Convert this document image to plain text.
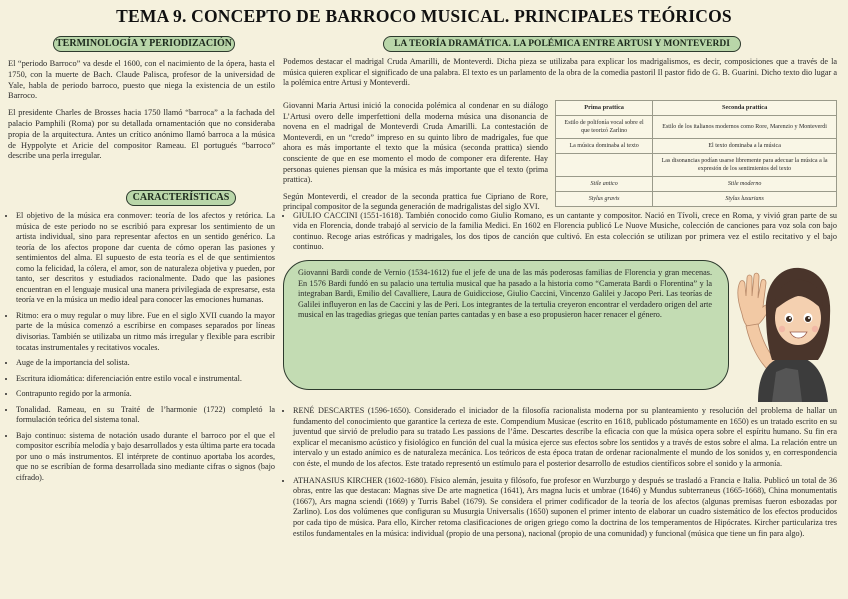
TEMA 9. CONCEPTO DE BARROCO MUSICAL. PRINCIPALES TEÓRICOS
TERMINOLOGÍA Y PERIODIZACIÓN

El “periodo Barroco” va desde el 1600, con el nacimiento de la ópera, hasta el 1750, con la muerte de Bach. Claude Palisca, profesor de la universidad de Yale, habla de periodo barroco, puesto que niega la existencia de un estilo Barroco.

El presidente Charles de Brosses hacia 1750 llamó “barroca” a la fachada del palacio Pamphili (Roma) por su detallada ornamentación que no consideraba propia de la arquitectura. Antes un crítico anónimo llamó barroca a la música de Hyppolyte et Aricie del compositor Rameau. El portugués “barroco” describe una perla irregular.

CARACTERÍSTICAS
• El objetivo de la música era conmover: teoría de los afectos y retórica. La música de este periodo no se escribió para expresar los sentimiento de un artista individual, sino para representar afectos en un sentido genérico. La teoría de los afectos propone dar cuenta de cómo operan las pasiones y sentimientos del alma. El supuesto de esta teoría es el de que sentimientos como la felicidad, la cólera, el amor, son de naturaleza objetiva y pueden, por tanto, ser descritos y estudiados racionalmente. Dado que las pasiones encuentran en el lenguaje musical una manera privilegiada de expresarse, esta teoría ve en la música un medio ideal para conocer las emociones humanas.
• Ritmo: era o muy regular o muy libre. Fue en el siglo XVII cuando la mayor parte de la música comenzó a escribirse en compases separados por líneas divisorias. También se utilizaba un ritmo más irregular y flexible para escribir tocatas instrumentales y recitativos vocales.
• Auge de la importancia del solista.
• Escritura idiomática: diferenciación entre estilo vocal e instrumental.
• Contrapunto regido por la armonía.
• Tonalidad. Rameau, en su Traité de l’harmonie (1722) completó la formulación teórica del sistema tonal.
• Bajo continuo: sistema de notación usado durante el barroco por el que el compositor escribía melodía y bajo desarrollados y esta última parte era tocada por uno o más instrumentos. El intérprete de continuo aportaba los acordes, que no se escribían de forma desarrollada sino mediante cifras o signos (bajo cifrado).
LA TEORÍA DRAMÁTICA. LA POLÉMICA ENTRE ARTUSI Y MONTEVERDI
Podemos destacar el madrigal Cruda Amarilli, de Monteverdi. Dicha pieza se utilizaba para explicar los madrigalismos, es decir, composiciones que a través de la música quieren explicar el significado de una palabra. El texto es un parlamento de la obra de la comedia pastoril Il pastor fido de G. B. Guarini. Dicho texto dio lugar a la polémica entre Artusi y Monteverdi.

Giovanni Maria Artusi inició la conocida polémica al condenar en su diálogo L’Artusi overo delle imperfettioni della moderna música una disonancia de novena en el madrigal de Monteverdi Cruda Amarilli. La contestación de Monteverdi, en un “credo” impreso en su quinto libro de madrigales, fue que ahora es más importante el texto que la música (seconda prattica) siendo consciente de que en ese momento el modo de componer era diferente. Hay personas quienes piensan que la música es más importante que el texto (prima prattica).

Según Monteverdi, el creador de la seconda prattica fue Cipriano de Rore, principal compositor de la segunda generación de madrigalistas del siglo XVI.

Prima prattica	Seconda prattica
Estilo de polifonía vocal sobre el que teorizó Zarlino	Estilo de los italianos modernos como Rore, Marenzio y Monteverdi
La música dominaba al texto	El texto dominaba a la música
	Las disonancias podían usarse libremente para adecuar la música a la expresión de los sentimientos del texto
Stile antico	Stile moderno
Stylus gravis	Stylus luxurians
• GIULIO CACCINI (1551-1618). También conocido como Giulio Romano, es un cantante y compositor. Nació en Tívoli, crece en Roma, y vivió gran parte de su vida en Florencia, donde trabajó al servicio de la familia Medici. En 1602 en Florencia publicó Le Nuove Musiche, colección de canciones para voz sola con bajo continuo. Recoge arias estróficas y madrigales, los dos tipos de canción que cultivó. En esta colección se utilizan por primera vez el estilo recitativo y el bajo continuo.
Giovanni Bardi conde de Vernio (1534-1612) fue el jefe de una de las más poderosas familias de Florencia y gran mecenas. En 1576 Bardi fundó en su palacio una tertulia musical que ha pasado a la historia como “Camerata Bardi o Florentina” y la integraban Bardi, Emilio del Cavalliere, Laura de Guidicciose, Giulio Caccini, Vincenzo Galilei y Jacopo Peri. Las teorías de Galilei influyeron en las de Caccini y las de Peri. Los integrantes de la tertulia creyeron encontrar el verdadero origen del arte musical en las tragedias griegas que tenían partes cantadas y en base a eso propusieron hacer renacer el género.
• RENÉ DESCARTES (1596-1650). Considerado el iniciador de la filosofía racionalista moderna por su planteamiento y resolución del problema de hallar un fundamento del conocimiento que garantice la certeza de este. Compendium Musicae (escrito en 1618, publicado póstumamente en 1650) es un tratado escrito en su juventud que sirvió de preludio para su tratado Les passions de l’âme. Descartes describe la eficacia con que la música opera sobre el espíritu humano. Su fin era explicar el mecanismo acústico y fisiológico en función del cual la música ejerce sus efectos sobre los sentidos y a través de estos sobre el alma. La relación entre un intervalo y un estado anímico es de naturaleza mecánica. Los teóricos de esta época tratan de ordenar racionalmente el mundo de los sonidos y, en correspondencia con éste, el mundo de los afectos. Este tratado representó un estímulo para el posterior desarrollo de estudios científicos sobre el sonido y la armonía.
• ATHANASIUS KIRCHER (1602-1680). Físico alemán, jesuita y filósofo, fue profesor en Wurzburgo y después se trasladó a Francia e Italia. Publicó un total de 36 obras, entre las que destacan: Magnas sive De arte magnetica (1641), Ars magna lucis et umbrae (1646) y Mundus subterraneus (1665-1668), China monumentatis (1667), Ars magna sciendi (1669) y Turris Babel (1679). Se considera el primer codificador de la teoría de los afectos (algunas premisas fueron esbozadas por Zarlino). Los dos volúmenes que configuran su Musurgia Universalis (1650) suponen el primer intento de elaborar un cuadro sistemático de los efectos producidos por cada tipo de música. Para ello, Kircher retoma clasificaciones de origen griego como la doctrina de los temperamentos de Hipócrates. Kircher particulariza tres estilos fundamentales en la música: individual (propio de una persona), nacional (propio de una comunidad) y funcional (música que tiene un fin para algo).
